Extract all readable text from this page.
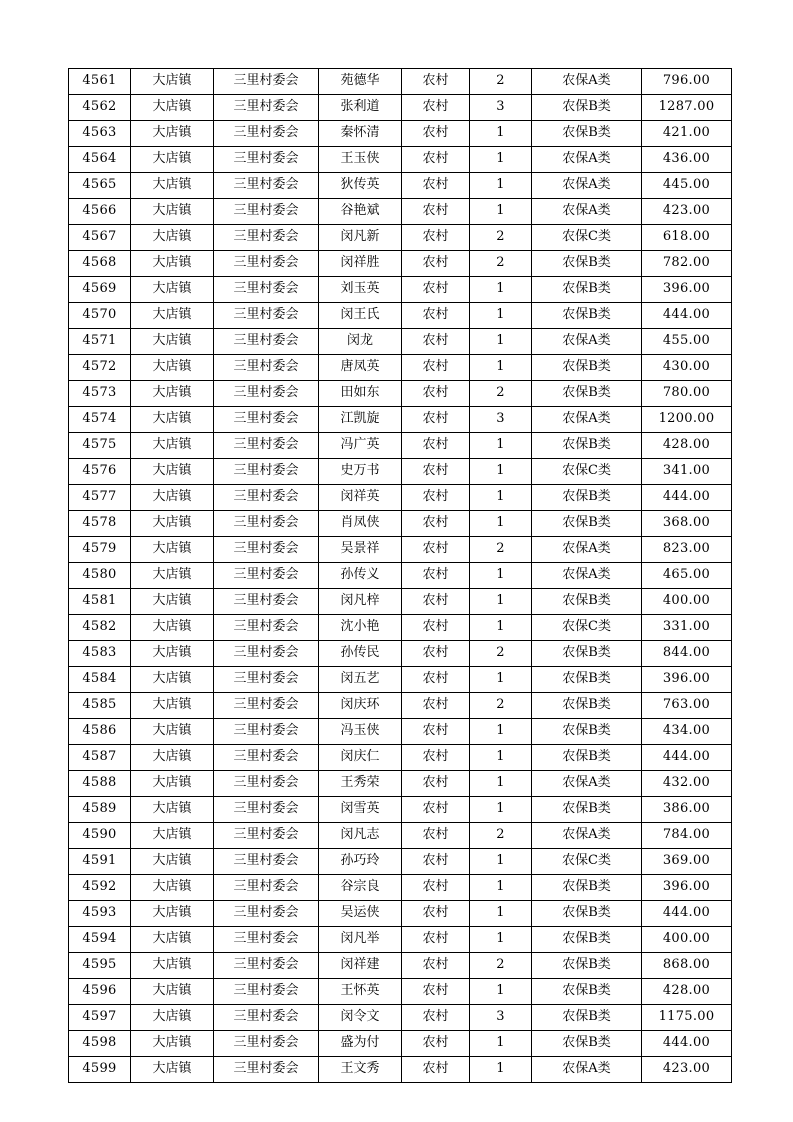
4561	大店镇	三里村委会	苑德华	农村	2	农保A类	796.00
4562	大店镇	三里村委会	张利道	农村	3	农保B类	1287.00
4563	大店镇	三里村委会	秦怀清	农村	1	农保B类	421.00
4564	大店镇	三里村委会	王玉侠	农村	1	农保A类	436.00
4565	大店镇	三里村委会	狄传英	农村	1	农保A类	445.00
4566	大店镇	三里村委会	谷艳斌	农村	1	农保A类	423.00
4567	大店镇	三里村委会	闵凡新	农村	2	农保C类	618.00
4568	大店镇	三里村委会	闵祥胜	农村	2	农保B类	782.00
4569	大店镇	三里村委会	刘玉英	农村	1	农保B类	396.00
4570	大店镇	三里村委会	闵王氏	农村	1	农保B类	444.00
4571	大店镇	三里村委会	闵龙	农村	1	农保A类	455.00
4572	大店镇	三里村委会	唐凤英	农村	1	农保B类	430.00
4573	大店镇	三里村委会	田如东	农村	2	农保B类	780.00
4574	大店镇	三里村委会	江凯旋	农村	3	农保A类	1200.00
4575	大店镇	三里村委会	冯广英	农村	1	农保B类	428.00
4576	大店镇	三里村委会	史万书	农村	1	农保C类	341.00
4577	大店镇	三里村委会	闵祥英	农村	1	农保B类	444.00
4578	大店镇	三里村委会	肖凤侠	农村	1	农保B类	368.00
4579	大店镇	三里村委会	吴景祥	农村	2	农保A类	823.00
4580	大店镇	三里村委会	孙传义	农村	1	农保A类	465.00
4581	大店镇	三里村委会	闵凡梓	农村	1	农保B类	400.00
4582	大店镇	三里村委会	沈小艳	农村	1	农保C类	331.00
4583	大店镇	三里村委会	孙传民	农村	2	农保B类	844.00
4584	大店镇	三里村委会	闵五艺	农村	1	农保B类	396.00
4585	大店镇	三里村委会	闵庆环	农村	2	农保B类	763.00
4586	大店镇	三里村委会	冯玉侠	农村	1	农保B类	434.00
4587	大店镇	三里村委会	闵庆仁	农村	1	农保B类	444.00
4588	大店镇	三里村委会	王秀荣	农村	1	农保A类	432.00
4589	大店镇	三里村委会	闵雪英	农村	1	农保B类	386.00
4590	大店镇	三里村委会	闵凡志	农村	2	农保A类	784.00
4591	大店镇	三里村委会	孙巧玲	农村	1	农保C类	369.00
4592	大店镇	三里村委会	谷宗良	农村	1	农保B类	396.00
4593	大店镇	三里村委会	吴运侠	农村	1	农保B类	444.00
4594	大店镇	三里村委会	闵凡举	农村	1	农保B类	400.00
4595	大店镇	三里村委会	闵祥建	农村	2	农保B类	868.00
4596	大店镇	三里村委会	王怀英	农村	1	农保B类	428.00
4597	大店镇	三里村委会	闵令文	农村	3	农保B类	1175.00
4598	大店镇	三里村委会	盛为付	农村	1	农保B类	444.00
4599	大店镇	三里村委会	王文秀	农村	1	农保A类	423.00
